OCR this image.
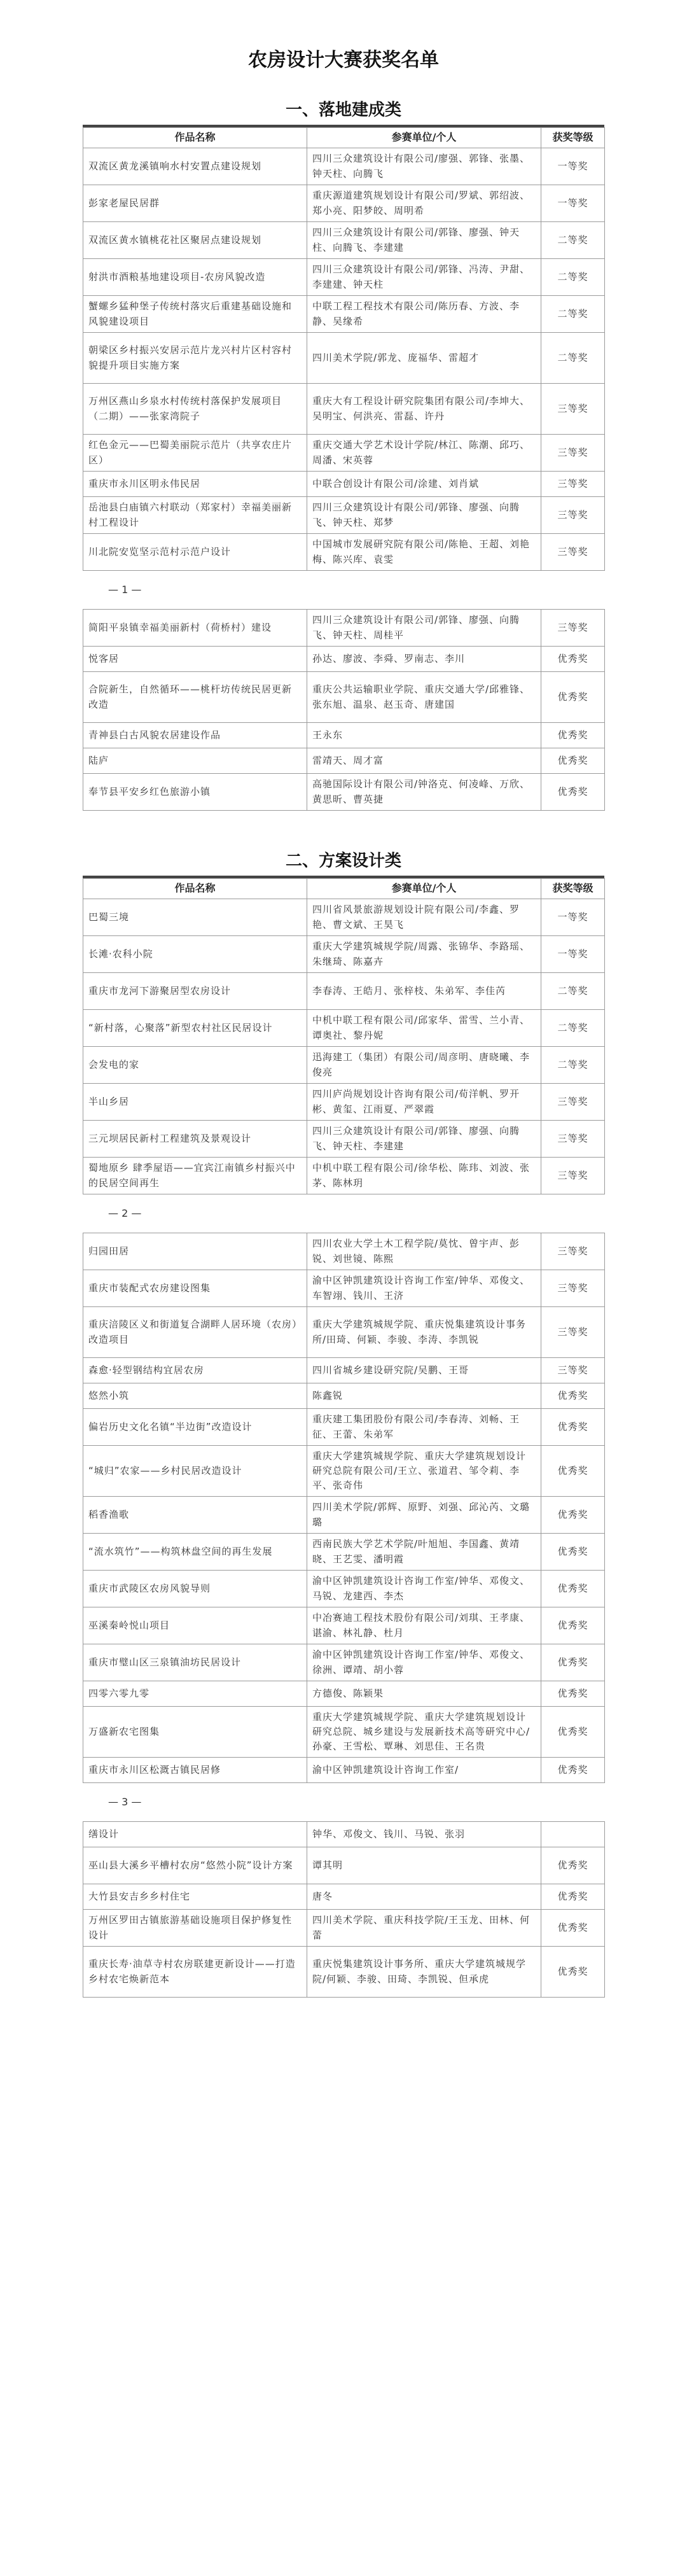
农房设计大赛获奖名单
一、落地建成类
作品名称	参赛单位/个人	获奖等级
双流区黄龙溪镇响水村安置点建设规划	四川三众建筑设计有限公司/廖强、郭锋、张墨、钟天柱、向腾飞	一等奖
彭家老屋民居群	重庆源道建筑规划设计有限公司/罗斌、郭绍波、郑小亮、阳梦皎、周明希	一等奖
双流区黄水镇桃花社区聚居点建设规划	四川三众建筑设计有限公司/郭锋、廖强、钟天柱、向腾飞、李建建	二等奖
射洪市酒粮基地建设项目-农房风貌改造	四川三众建筑设计有限公司/郭锋、冯涛、尹甜、李建建、钟天柱	二等奖
蟹螺乡猛种堡子传统村落灾后重建基础设施和风貌建设项目	中联工程工程技术有限公司/陈历春、方波、李静、吴缘希	二等奖
朝梁区乡村振兴安居示范片龙兴村片区村容村貌提升项目实施方案	四川美术学院/郭龙、庞福华、雷超才	二等奖
万州区燕山乡泉水村传统村落保护发展项目（二期）——张家湾院子	重庆大有工程设计研究院集团有限公司/李坤大、吴明宝、何洪亮、雷磊、许丹	三等奖
红色金元——巴蜀美丽院示范片（共享农庄片区）	重庆交通大学艺术设计学院/林江、陈潮、邱巧、周潘、宋英蓉	三等奖
重庆市永川区明永伟民居	中联合创设计有限公司/涂建、刘肖斌	三等奖
岳池县白庙镇六村联动（郑家村）幸福美丽新村工程设计	四川三众建筑设计有限公司/郭锋、廖强、向腾飞、钟天柱、郑梦	三等奖
川北院安览坚示范村示范户设计	中国城市发展研究院有限公司/陈艳、王超、刘艳梅、陈兴库、袁雯	三等奖
— 1 —
简阳平泉镇幸福美丽新村（荷桥村）建设	四川三众建筑设计有限公司/郭锋、廖强、向腾飞、钟天柱、周桂平	三等奖
悦客居	孙达、廖波、李舜、罗南志、李川	优秀奖
合院新生，自然循环——桃杆坊传统民居更新改造	重庆公共运输职业学院、重庆交通大学/邱雅锋、张东旭、温泉、赵玉奇、唐建国	优秀奖
青神县白古风貌农居建设作品	王永东	优秀奖
陆庐	雷靖天、周才富	优秀奖
奉节县平安乡红色旅游小镇	高驰国际设计有限公司/钟洛克、何凌峰、万欣、黄思昕、曹英捷	优秀奖
二、方案设计类
作品名称	参赛单位/个人	获奖等级
巴蜀三境	四川省风景旅游规划设计院有限公司/李鑫、罗艳、曹文斌、王昊飞	一等奖
长滩·农科小院	重庆大学建筑城规学院/周露、张锦华、李路瑶、朱继琦、陈嘉卉	一等奖
重庆市龙河下游聚居型农房设计	李春涛、王皓月、张梓枝、朱弟军、李佳芮	二等奖
“新村落，心聚落”新型农村社区民居设计	中机中联工程有限公司/邱家华、雷雪、兰小青、谭奥社、黎丹妮	二等奖
会发电的家	迅海建工（集团）有限公司/周彦明、唐晓曦、李俊亮	二等奖
半山乡居	四川庐尚规划设计咨询有限公司/荀洋帆、罗开彬、黄玺、江雨夏、严翠霞	三等奖
三元坝居民新村工程建筑及景观设计	四川三众建筑设计有限公司/郭锋、廖强、向腾飞、钟天柱、李建建	三等奖
蜀地原乡 肆季屋语——宜宾江南镇乡村振兴中的民居空间再生	中机中联工程有限公司/徐华松、陈玮、刘波、张茅、陈林玥	三等奖
— 2 —
归园田居	四川农业大学土木工程学院/莫忱、曾宇声、彭锐、刘世镜、陈熙	三等奖
重庆市装配式农房建设图集	渝中区钟凯建筑设计咨询工作室/钟华、邓俊文、车智翊、钱川、王济	三等奖
重庆涪陵区义和街道复合湖畔人居环境（农房）改造项目	重庆大学建筑城规学院、重庆悦集建筑设计事务所/田琦、何颖、李骏、李涛、李凯锐	三等奖
森愈·轻型钢结构宜居农房	四川省城乡建设研究院/吴鹏、王哥	三等奖
悠然小筑	陈鑫锐	优秀奖
偏岩历史文化名镇“半边街”改造设计	重庆建工集团股份有限公司/李春涛、刘畅、王征、王蕾、朱弟军	优秀奖
“城归”农家——乡村民居改造设计	重庆大学建筑城规学院、重庆大学建筑规划设计研究总院有限公司/王立、张道君、邹令莉、李平、张奇伟	优秀奖
稻香渔歌	四川美术学院/郭辉、原野、刘强、邱沁芮、文璐璐	优秀奖
“流水筑竹”——构筑林盘空间的再生发展	西南民族大学艺术学院/叶旭旭、李国鑫、黄靖晓、王艺雯、潘明霞	优秀奖
重庆市武陵区农房风貌导则	渝中区钟凯建筑设计咨询工作室/钟华、邓俊文、马锐、龙建西、李杰	优秀奖
巫溪秦岭悦山项目	中冶赛迪工程技术股份有限公司/刘琪、王孝康、谌渝、林礼静、杜月	优秀奖
重庆市璧山区三泉镇油坊民居设计	渝中区钟凯建筑设计咨询工作室/钟华、邓俊文、徐洲、谭靖、胡小蓉	优秀奖
四零六零九零	方德俊、陈颖果	优秀奖
万盛新农宅图集	重庆大学建筑城规学院、重庆大学建筑规划设计研究总院、城乡建设与发展新技术高等研究中心/孙豪、王雪松、覃琳、刘思佳、王名贵	优秀奖
重庆市永川区松溉古镇民居修	渝中区钟凯建筑设计咨询工作室/	优秀奖
— 3 —
缮设计	钟华、邓俊文、钱川、马锐、张羽	
巫山县大溪乡平槽村农房“悠然小院”设计方案	谭其明	优秀奖
大竹县安吉乡乡村住宅	唐冬	优秀奖
万州区罗田古镇旅游基础设施项目保护修复性设计	四川美术学院、重庆科技学院/王玉龙、田林、何蕾	优秀奖
重庆长寿·油草寺村农房联建更新设计——打造乡村农宅焕新范本	重庆悦集建筑设计事务所、重庆大学建筑城规学院/何颖、李骏、田琦、李凯锐、但承虎	优秀奖
